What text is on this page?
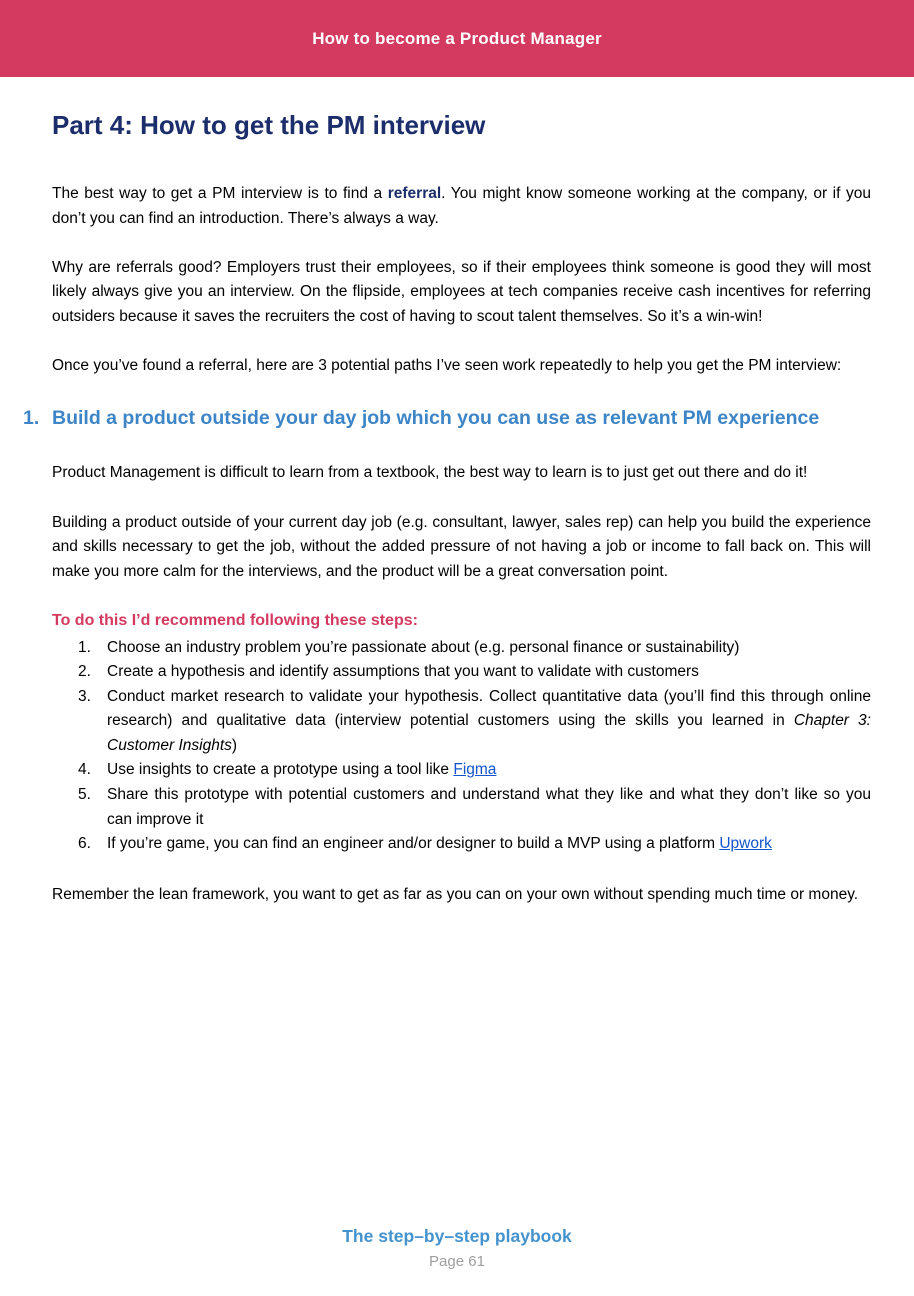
How to become a Product Manager
Part 4: How to get the PM interview

The best way to get a PM interview is to find a referral. You might know someone working at the company, or if you don’t you can find an introduction. There’s always a way.

Why are referrals good? Employers trust their employees, so if their employees think someone is good they will most likely always give you an interview. On the flipside, employees at tech companies receive cash incentives for referring outsiders because it saves the recruiters the cost of having to scout talent themselves. So it’s a win-win!

Once you’ve found a referral, here are 3 potential paths I’ve seen work repeatedly to help you get the PM interview:

1. Build a product outside your day job which you can use as relevant PM experience

Product Management is difficult to learn from a textbook, the best way to learn is to just get out there and do it!

Building a product outside of your current day job (e.g. consultant, lawyer, sales rep) can help you build the experience and skills necessary to get the job, without the added pressure of not having a job or income to fall back on. This will make you more calm for the interviews, and the product will be a great conversation point.

To do this I’d recommend following these steps:

1.	Choose an industry problem you’re passionate about (e.g. personal finance or sustainability)
2.	Create a hypothesis and identify assumptions that you want to validate with customers
3.	Conduct market research to validate your hypothesis. Collect quantitative data (you’ll find this through online research) and qualitative data (interview potential customers using the skills you learned in Chapter 3: Customer Insights)
4.	Use insights to create a prototype using a tool like Figma
5.	Share this prototype with potential customers and understand what they like and what they don’t like so you can improve it
6.	If you’re game, you can find an engineer and/or designer to build a MVP using a platform Upwork

Remember the lean framework, you want to get as far as you can on your own without spending much time or money.

The step–by–step playbook
Page 61
